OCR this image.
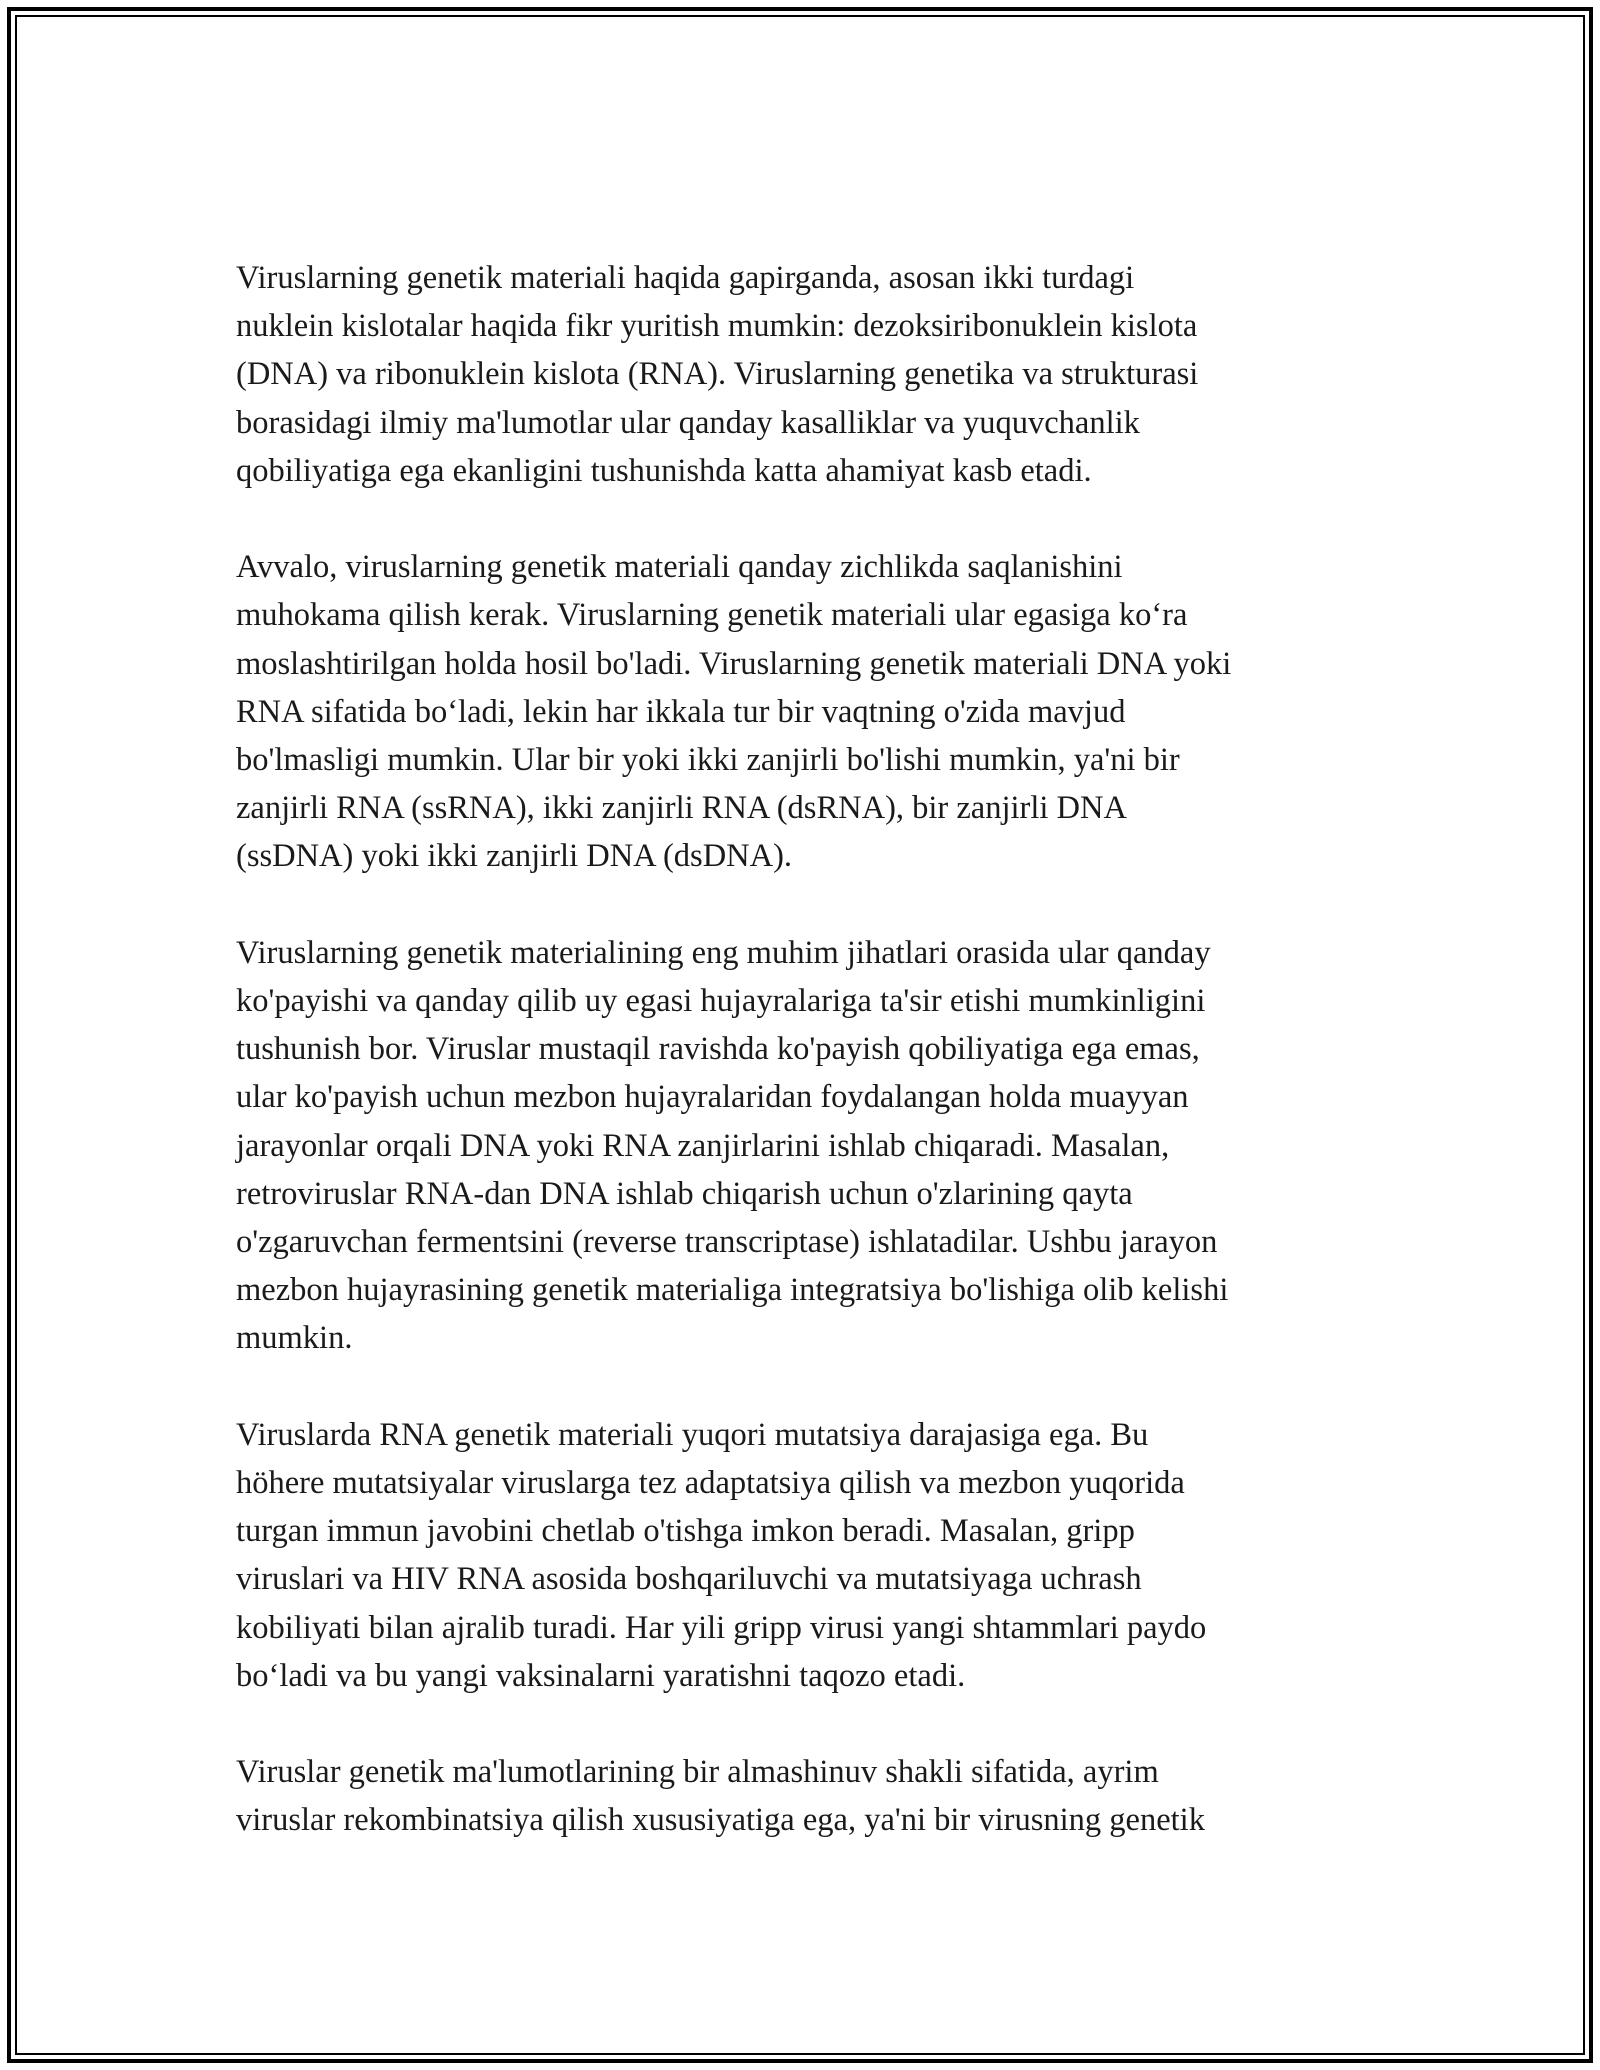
Viruslarning genetik materiali haqida gapirganda, asosan ikki turdagi
nuklein kislotalar haqida fikr yuritish mumkin: dezoksiribonuklein kislota
(DNA) va ribonuklein kislota (RNA). Viruslarning genetika va strukturasi
borasidagi ilmiy ma'lumotlar ular qanday kasalliklar va yuquvchanlik
qobiliyatiga ega ekanligini tushunishda katta ahamiyat kasb etadi.
Avvalo, viruslarning genetik materiali qanday zichlikda saqlanishini
muhokama qilish kerak. Viruslarning genetik materiali ular egasiga ko‘ra
moslashtirilgan holda hosil bo'ladi. Viruslarning genetik materiali DNA yoki
RNA sifatida bo‘ladi, lekin har ikkala tur bir vaqtning o'zida mavjud
bo'lmasligi mumkin. Ular bir yoki ikki zanjirli bo'lishi mumkin, ya'ni bir
zanjirli RNA (ssRNA), ikki zanjirli RNA (dsRNA), bir zanjirli DNA
(ssDNA) yoki ikki zanjirli DNA (dsDNA).
Viruslarning genetik materialining eng muhim jihatlari orasida ular qanday
ko'payishi va qanday qilib uy egasi hujayralariga ta'sir etishi mumkinligini
tushunish bor. Viruslar mustaqil ravishda ko'payish qobiliyatiga ega emas,
ular ko'payish uchun mezbon hujayralaridan foydalangan holda muayyan
jarayonlar orqali DNA yoki RNA zanjirlarini ishlab chiqaradi. Masalan,
retroviruslar RNA-dan DNA ishlab chiqarish uchun o'zlarining qayta
o'zgaruvchan fermentsini (reverse transcriptase) ishlatadilar. Ushbu jarayon
mezbon hujayrasining genetik materialiga integratsiya bo'lishiga olib kelishi
mumkin.
Viruslarda RNA genetik materiali yuqori mutatsiya darajasiga ega. Bu
höhere mutatsiyalar viruslarga tez adaptatsiya qilish va mezbon yuqorida
turgan immun javobini chetlab o'tishga imkon beradi. Masalan, gripp
viruslari va HIV RNA asosida boshqariluvchi va mutatsiyaga uchrash
kobiliyati bilan ajralib turadi. Har yili gripp virusi yangi shtammlari paydo
bo‘ladi va bu yangi vaksinalarni yaratishni taqozo etadi.
Viruslar genetik ma'lumotlarining bir almashinuv shakli sifatida, ayrim
viruslar rekombinatsiya qilish xususiyatiga ega, ya'ni bir virusning genetik
